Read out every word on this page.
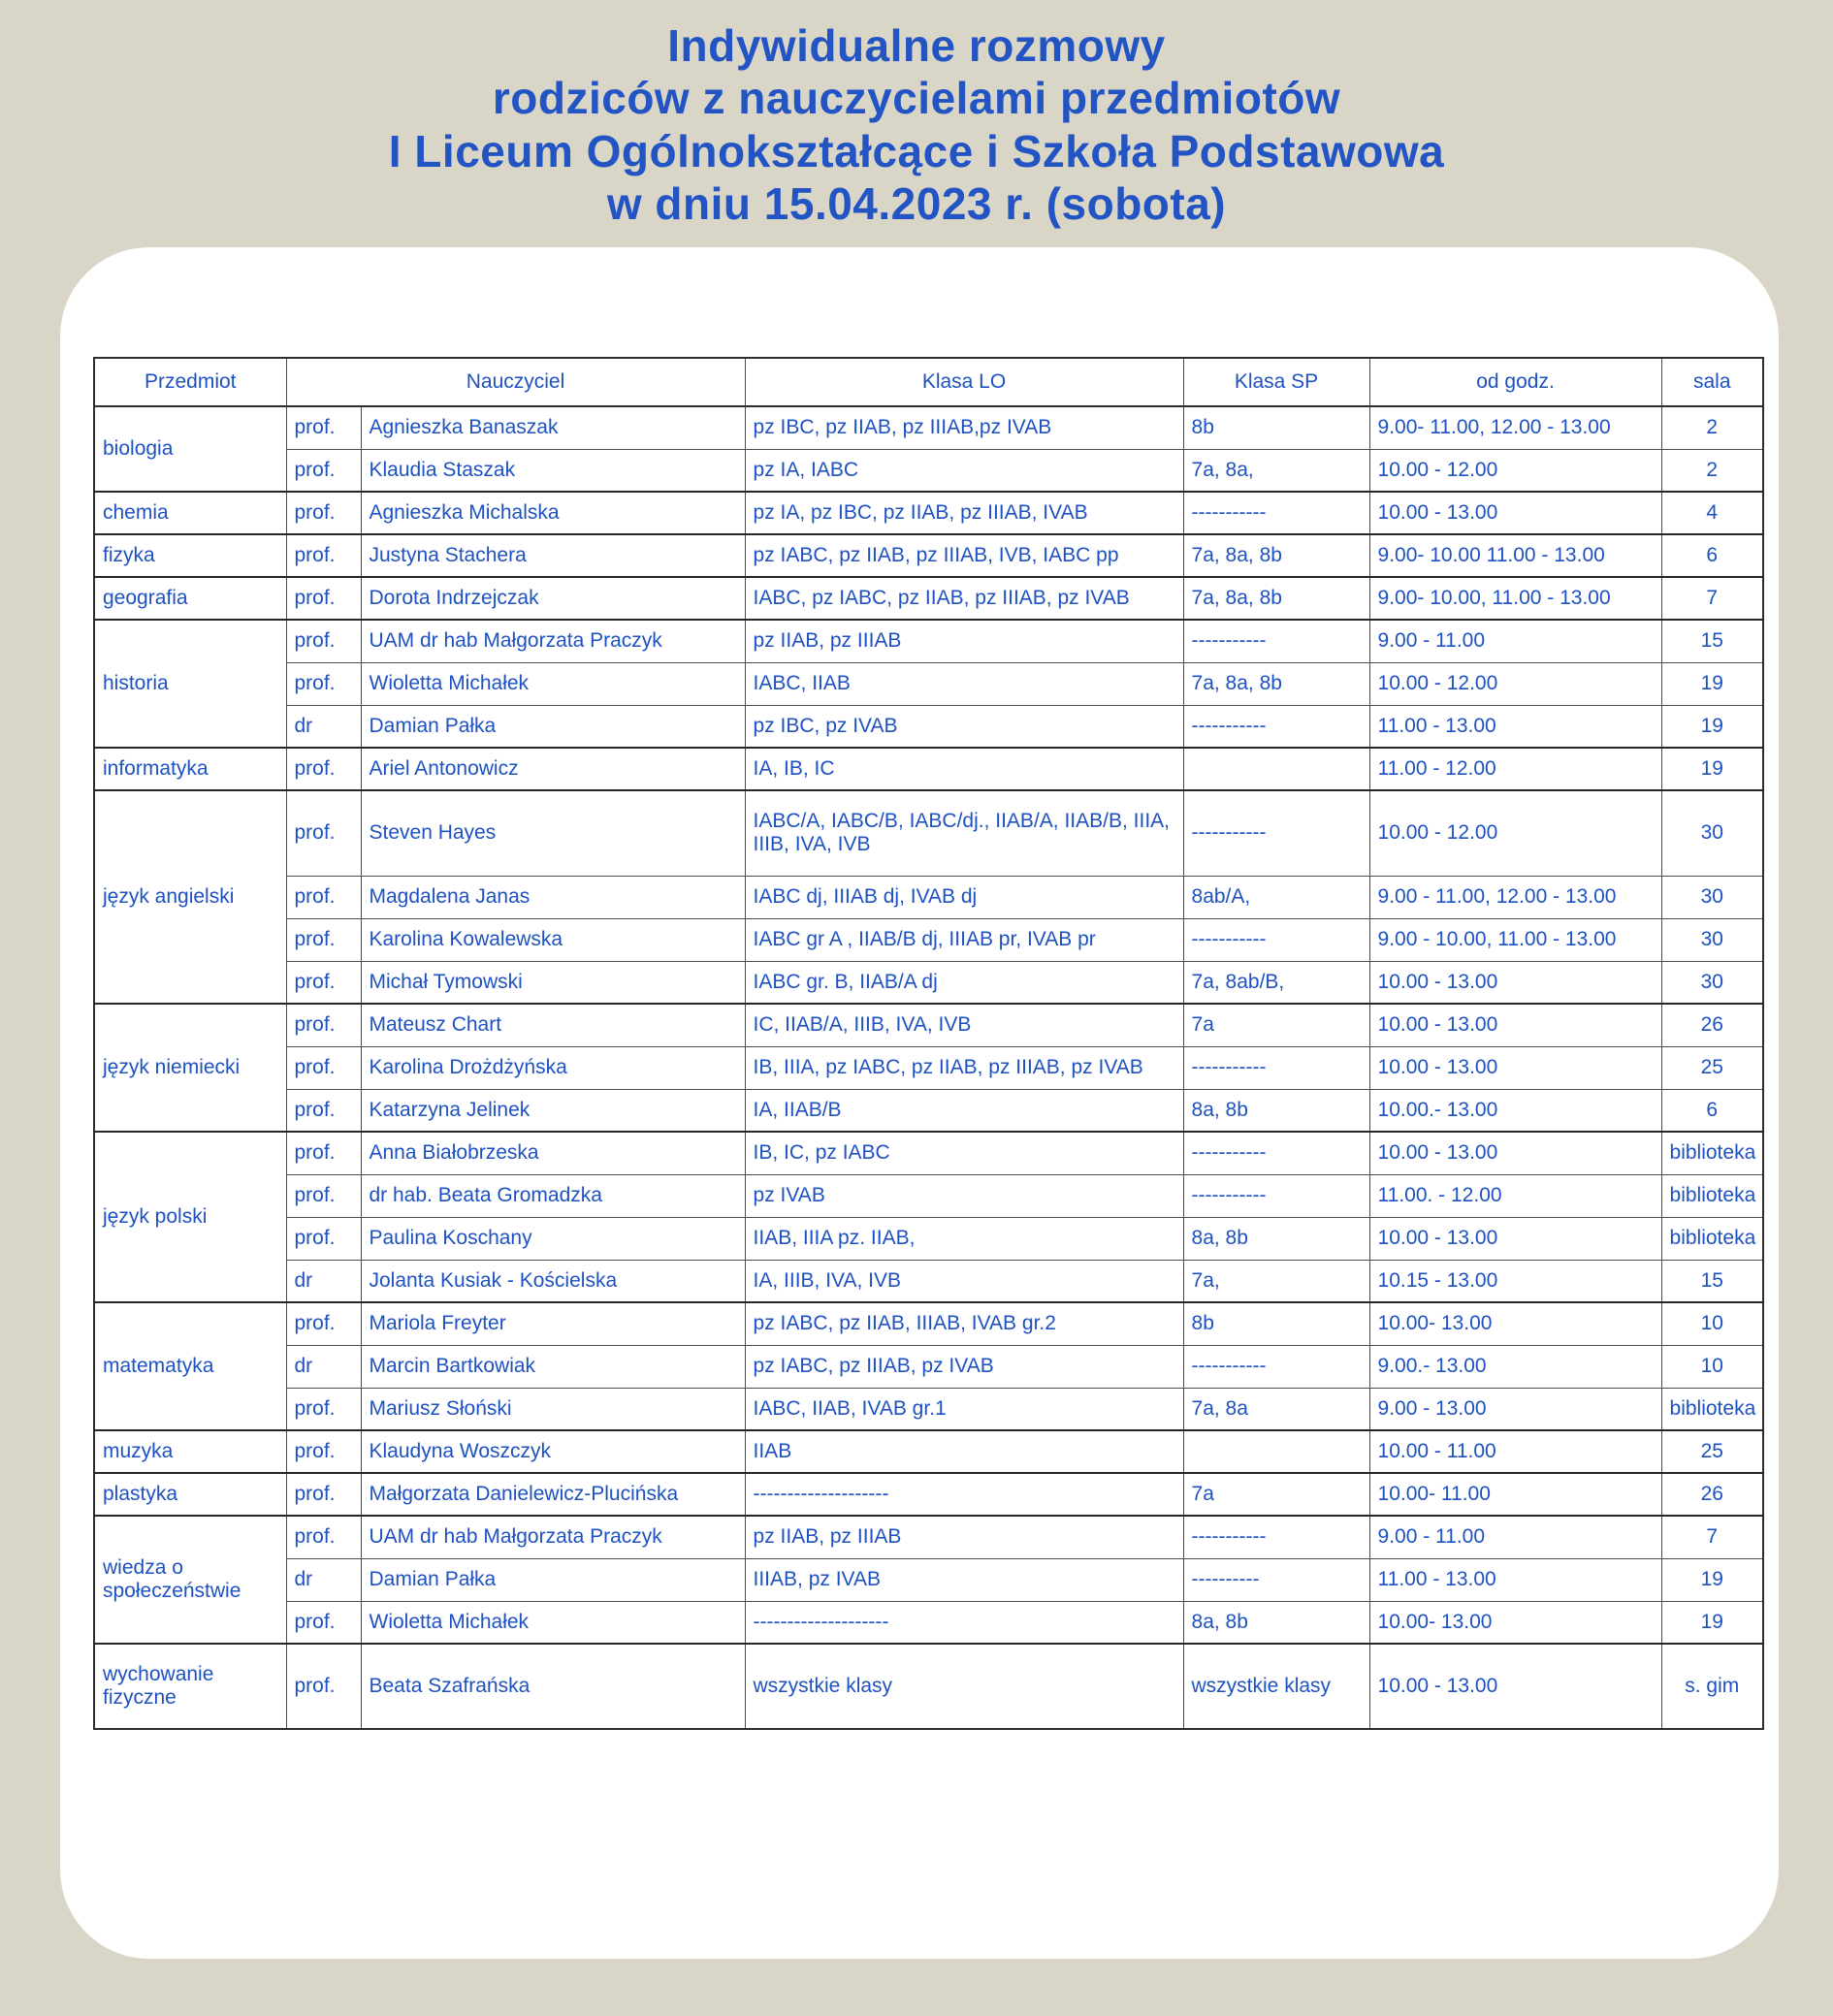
Indywidualne rozmowy
rodziców z nauczycielami przedmiotów
I Liceum Ogólnokształcące i Szkoła Podstawowa
w dniu 15.04.2023 r. (sobota)
Przedmiot	Nauczyciel		Klasa LO	Klasa SP	od godz.	sala
biologia	prof.	Agnieszka Banaszak	pz IBC, pz IIAB, pz IIIAB,pz IVAB	8b	9.00- 11.00, 12.00 - 13.00	2
	prof.	Klaudia Staszak	pz IA, IABC	7a, 8a,	10.00 - 12.00	2
chemia	prof.	Agnieszka Michalska	pz IA, pz IBC, pz IIAB, pz IIIAB, IVAB	-----------	10.00 - 13.00	4
fizyka	prof.	Justyna Stachera	pz IABC, pz IIAB, pz IIIAB, IVB, IABC pp	7a, 8a, 8b	9.00- 10.00 11.00 - 13.00	6
geografia	prof.	Dorota Indrzejczak	IABC, pz IABC, pz IIAB, pz IIIAB, pz IVAB	7a, 8a, 8b	9.00- 10.00, 11.00 - 13.00	7
historia	prof.	UAM dr hab Małgorzata Praczyk	pz IIAB, pz IIIAB	-----------	9.00 - 11.00	15
	prof.	Wioletta Michałek	IABC, IIAB	7a, 8a, 8b	10.00 - 12.00	19
	dr	Damian Pałka	pz IBC, pz IVAB	-----------	11.00 - 13.00	19
informatyka	prof.	Ariel Antonowicz	IA, IB, IC		11.00 - 12.00	19
język angielski	prof.	Steven Hayes	IABC/A, IABC/B, IABC/dj., IIAB/A, IIAB/B, IIIA, IIIB, IVA, IVB	-----------	10.00 - 12.00	30
	prof.	Magdalena Janas	IABC dj, IIIAB dj, IVAB dj	8ab/A,	9.00 - 11.00, 12.00 - 13.00	30
	prof.	Karolina Kowalewska	IABC gr A , IIAB/B dj, IIIAB pr, IVAB pr	-----------	9.00 - 10.00, 11.00 - 13.00	30
	prof.	Michał Tymowski	IABC gr. B, IIAB/A dj	7a, 8ab/B,	10.00 - 13.00	30
język niemiecki	prof.	Mateusz Chart	IC, IIAB/A, IIIB, IVA, IVB	7a	10.00 - 13.00	26
	prof.	Karolina Drożdżyńska	IB, IIIA, pz IABC, pz IIAB, pz IIIAB, pz IVAB	-----------	10.00 - 13.00	25
	prof.	Katarzyna Jelinek	IA, IIAB/B	8a, 8b	10.00.- 13.00	6
język polski	prof.	Anna Białobrzeska	IB, IC, pz IABC	-----------	10.00 - 13.00	biblioteka
	prof.	dr hab. Beata Gromadzka	pz IVAB	-----------	11.00. - 12.00	biblioteka
	prof.	Paulina Koschany	IIAB, IIIA pz. IIAB,	8a, 8b	10.00 - 13.00	biblioteka
	dr	Jolanta Kusiak - Kościelska	IA, IIIB, IVA, IVB	7a,	10.15 - 13.00	15
matematyka	prof.	Mariola Freyter	pz IABC, pz IIAB, IIIAB, IVAB gr.2	8b	10.00- 13.00	10
	dr	Marcin Bartkowiak	pz IABC, pz IIIAB, pz IVAB	-----------	9.00.- 13.00	10
	prof.	Mariusz Słoński	IABC, IIAB, IVAB gr.1	7a, 8a	9.00 - 13.00	biblioteka
muzyka	prof.	Klaudyna Woszczyk	IIAB		10.00 - 11.00	25
plastyka	prof.	Małgorzata Danielewicz-Plucińska	--------------------	7a	10.00- 11.00	26
wiedza o społeczeństwie	prof.	UAM dr hab Małgorzata Praczyk	pz IIAB, pz IIIAB	-----------	9.00 - 11.00	7
	dr	Damian Pałka	IIIAB, pz IVAB	----------	11.00 - 13.00	19
	prof.	Wioletta Michałek	--------------------	8a, 8b	10.00- 13.00	19
wychowanie fizyczne	prof.	Beata Szafrańska	wszystkie klasy	wszystkie klasy	10.00 - 13.00	s. gim
